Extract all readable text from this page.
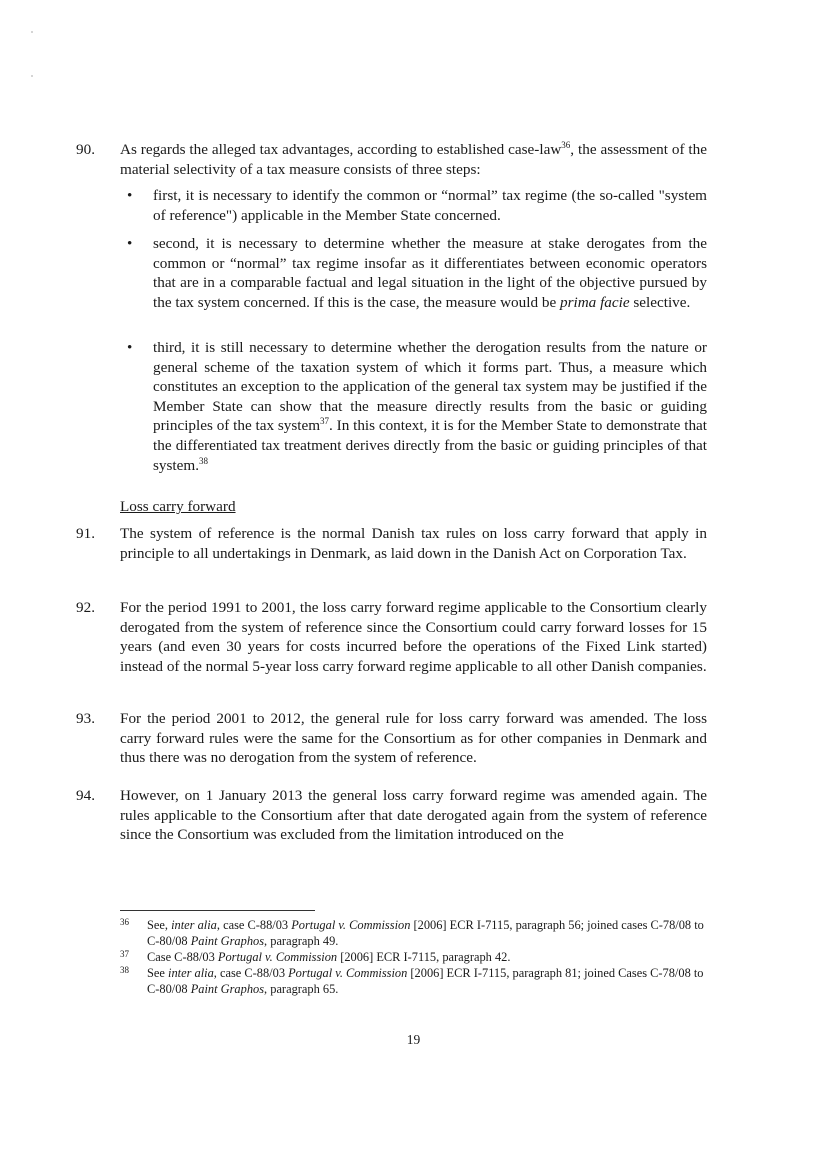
90. As regards the alleged tax advantages, according to established case-law$^{36}$, the assessment of the material selectivity of a tax measure consists of three steps:

• first, it is necessary to identify the common or “normal” tax regime (the so-called "system of reference") applicable in the Member State concerned.
• second, it is necessary to determine whether the measure at stake derogates from the common or “normal” tax regime insofar as it differentiates between economic operators that are in a comparable factual and legal situation in the light of the objective pursued by the tax system concerned. If this is the case, the measure would be prima facie selective.
• third, it is still necessary to determine whether the derogation results from the nature or general scheme of the taxation system of which it forms part. Thus, a measure which constitutes an exception to the application of the general tax system may be justified if the Member State can show that the measure directly results from the basic or guiding principles of the tax system$^{37}$. In this context, it is for the Member State to demonstrate that the differentiated tax treatment derives directly from the basic or guiding principles of that system.$^{38}$
Loss carry forward
91. The system of reference is the normal Danish tax rules on loss carry forward that apply in principle to all undertakings in Denmark, as laid down in the Danish Act on Corporation Tax.

92. For the period 1991 to 2001, the loss carry forward regime applicable to the Consortium clearly derogated from the system of reference since the Consortium could carry forward losses for 15 years (and even 30 years for costs incurred before the operations of the Fixed Link started) instead of the normal 5-year loss carry forward regime applicable to all other Danish companies.

93. For the period 2001 to 2012, the general rule for loss carry forward was amended. The loss carry forward rules were the same for the Consortium as for other companies in Denmark and thus there was no derogation from the system of reference.

94. However, on 1 January 2013 the general loss carry forward regime was amended again. The rules applicable to the Consortium after that date derogated again from the system of reference since the Consortium was excluded from the limitation introduced on the

36 See, inter alia, case C-88/03 Portugal v. Commission [2006] ECR I-7115, paragraph 56; joined cases C-78/08 to C-80/08 Paint Graphos, paragraph 49.
37 Case C-88/03 Portugal v. Commission [2006] ECR I-7115, paragraph 42.
38 See inter alia, case C-88/03 Portugal v. Commission [2006] ECR I-7115, paragraph 81; joined Cases C-78/08 to C-80/08 Paint Graphos, paragraph 65.
19
